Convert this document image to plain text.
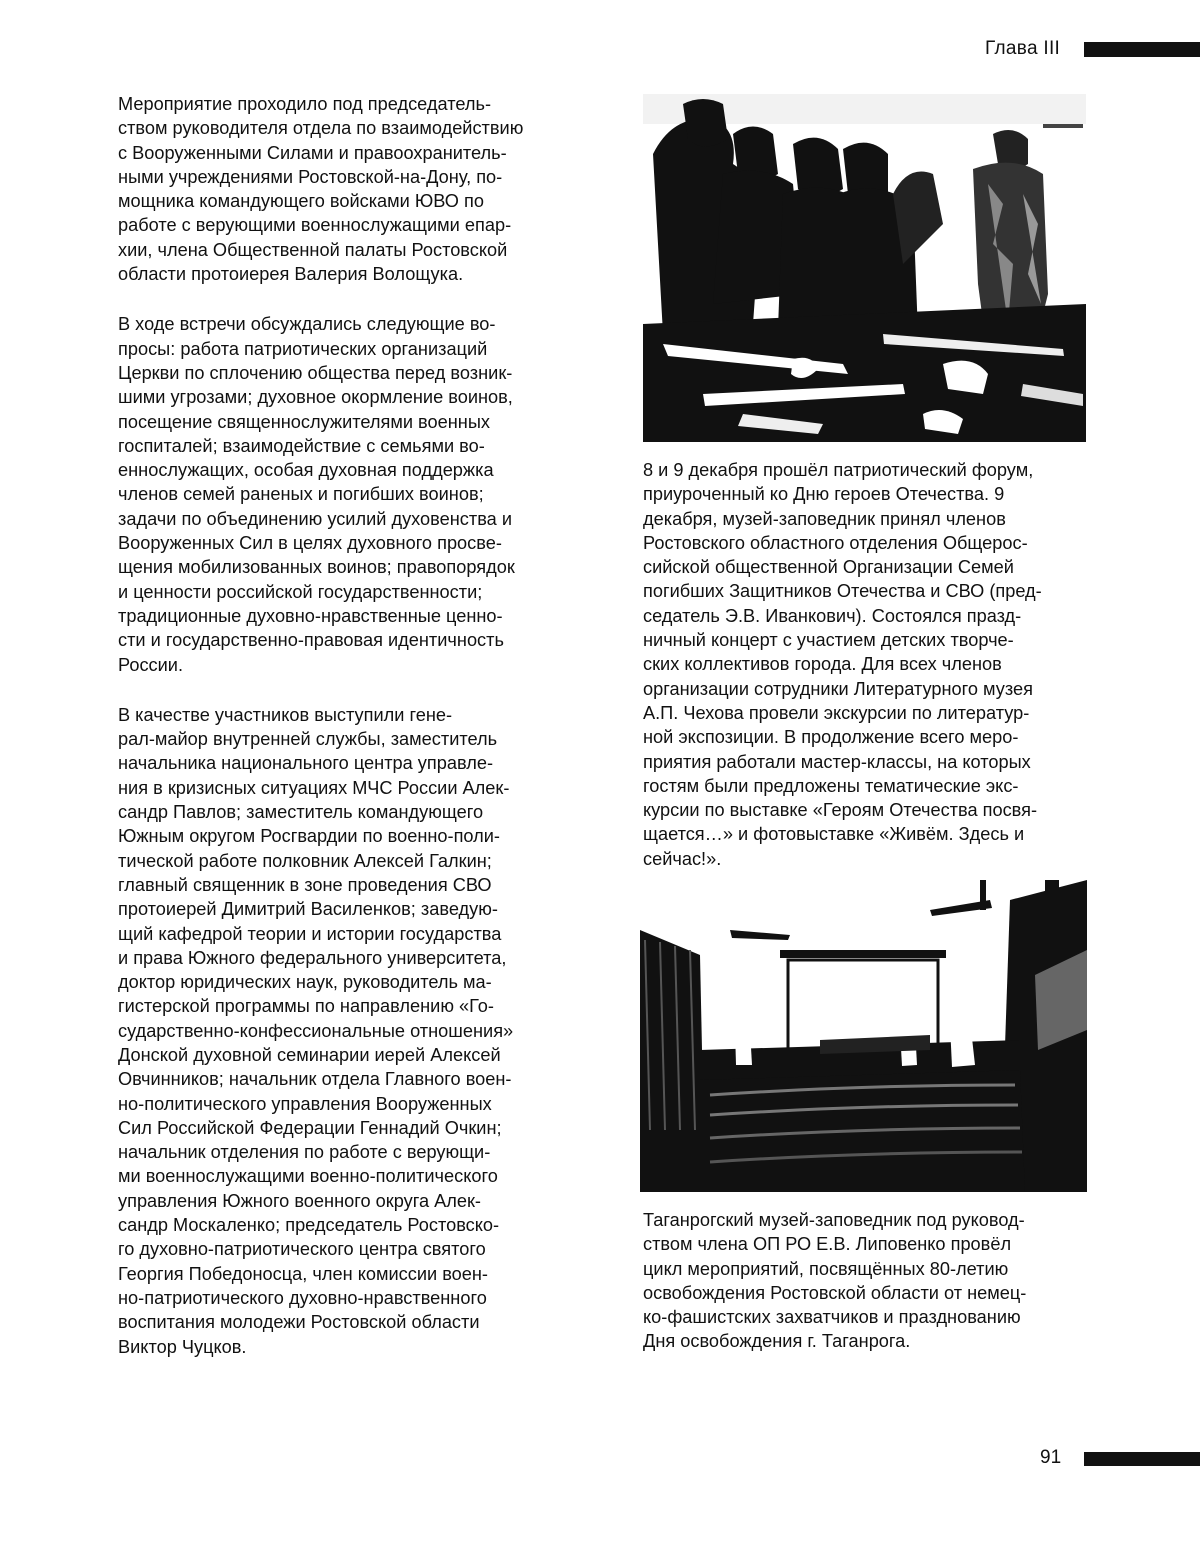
Глава III

Мероприятие проходило под председатель-
ством руководителя отдела по взаимодействию
с Вооруженными Силами и правоохранитель-
ными учреждениями Ростовской-на-Дону, по-
мощника командующего войсками ЮВО по
работе с верующими военнослужащими епар-
хии, члена Общественной палаты Ростовской
области протоиерея Валерия Волощука.

В ходе встречи обсуждались следующие во-
просы: работа патриотических организаций
Церкви по сплочению общества перед возник-
шими угрозами; духовное окормление воинов,
посещение священнослужителями военных
госпиталей; взаимодействие с семьями во-
еннослужащих, особая духовная поддержка
членов семей раненых и погибших воинов;
задачи по объединению усилий духовенства и
Вооруженных Сил в целях духовного просве-
щения мобилизованных воинов; правопорядок
и ценности российской государственности;
традиционные духовно-нравственные ценно-
сти и государственно-правовая идентичность
России.

В качестве участников выступили гене-
рал-майор внутренней службы, заместитель
начальника национального центра управле-
ния в кризисных ситуациях МЧС России Алек-
сандр Павлов; заместитель командующего
Южным округом Росгвардии по военно-поли-
тической работе полковник Алексей Галкин;
главный священник в зоне проведения СВО
протоиерей Димитрий Василенков; заведую-
щий кафедрой теории и истории государства
и права Южного федерального университета,
доктор юридических наук, руководитель ма-
гистерской программы по направлению «Го-
сударственно-конфессиональные отношения»
Донской духовной семинарии иерей Алексей
Овчинников; начальник отдела Главного воен-
но-политического управления Вооруженных
Сил Российской Федерации Геннадий Очкин;
начальник отделения по работе с верующи-
ми военнослужащими военно-политического
управления Южного военного округа Алек-
сандр Москаленко; председатель Ростовско-
го духовно-патриотического центра святого
Георгия Победоносца, член комиссии воен-
но-патриотического духовно-нравственного
воспитания молодежи Ростовской области
Виктор Чуцков.

8 и 9 декабря прошёл патриотический форум,
приуроченный ко Дню героев Отечества. 9
декабря, музей-заповедник принял членов
Ростовского областного отделения Общерос-
сийской общественной Организации Семей
погибших Защитников Отечества и СВО (пред-
седатель Э.В. Иванкович). Состоялся празд-
ничный концерт с участием детских творче-
ских коллективов города. Для всех членов
организации сотрудники Литературного музея
А.П. Чехова провели экскурсии по литератур-
ной экспозиции. В продолжение всего меро-
приятия работали мастер-классы, на которых
гостям были предложены тематические экс-
курсии по выставке «Героям Отечества посвя-
щается…» и фотовыставке «Живём. Здесь и
сейчас!».

Таганрогский музей-заповедник под руковод-
ством члена ОП РО Е.В. Липовенко провёл
цикл мероприятий, посвящённых 80-летию
освобождения Ростовской области от немец-
ко-фашистских захватчиков и празднованию
Дня освобождения г. Таганрога.

91
